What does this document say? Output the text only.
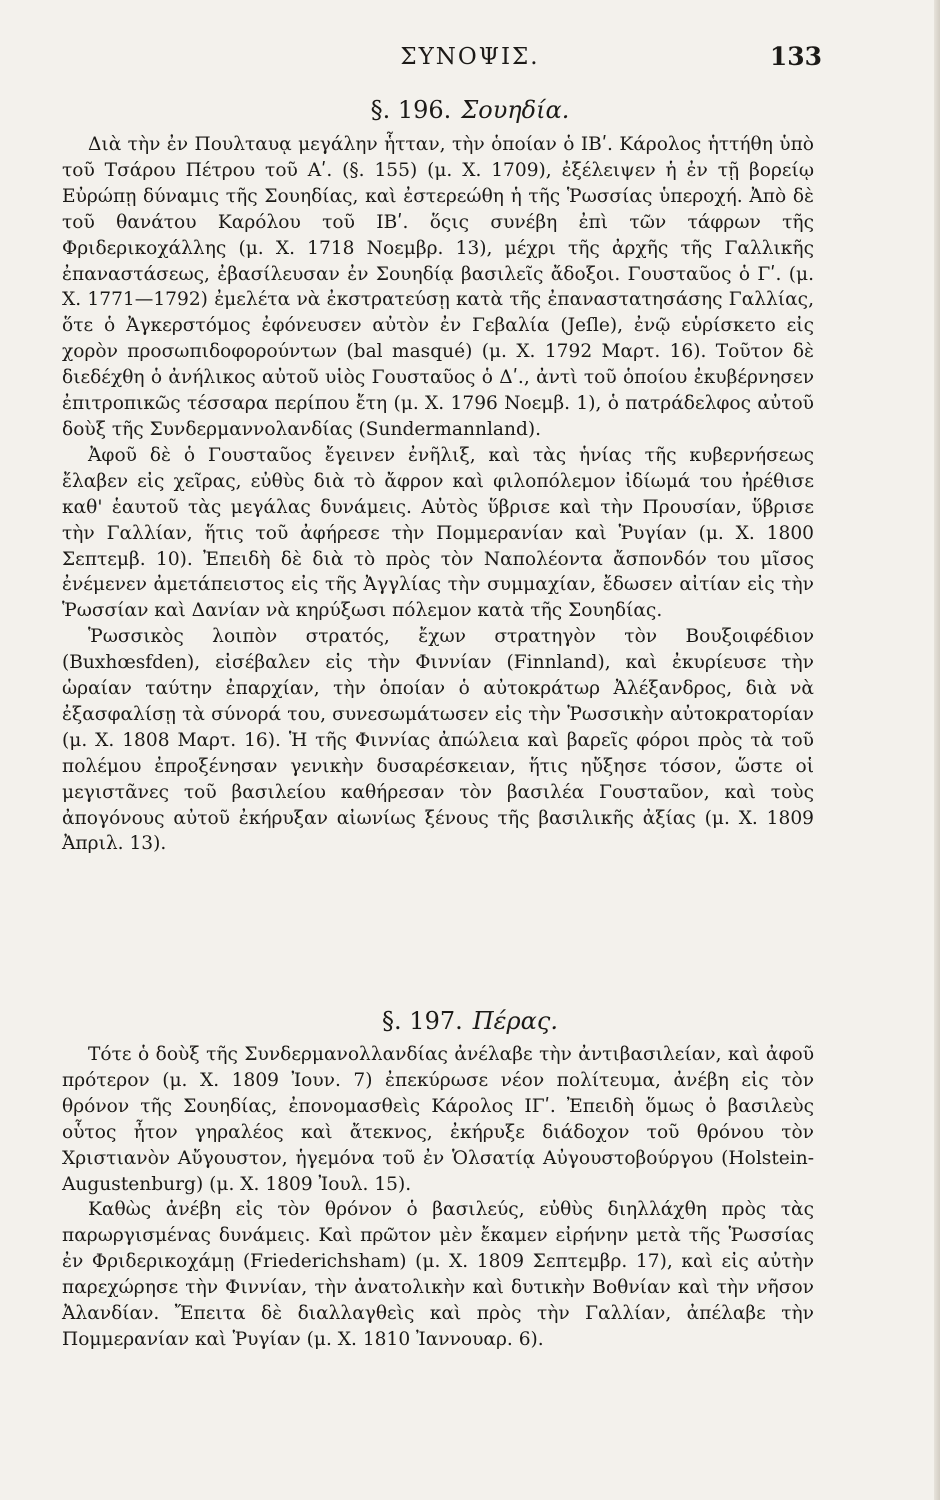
ΣΥΝΟΨΙΣ.	133
§. 196. Σουηδία.

Διὰ τὴν ἐν Πουλταυᾳ μεγάλην ἧτταν, τὴν ὁποίαν ὁ ΙΒʹ. Κάρολος ἡττήθη ὑπὸ τοῦ Τσάρου Πέτρου τοῦ Αʹ. (§. 155) (μ. Χ. 1709), ἐξέλειψεν ἡ ἐν τῇ βορείῳ Εὐρώπῃ δύναμις τῆς Σουηδίας, καὶ ἐστερεώθη ἡ τῆς Ῥωσσίας ὑπεροχή. Ἀπὸ δὲ τοῦ θανάτου Καρόλου τοῦ ΙΒʹ. ὅςις συνέβη ἐπὶ τῶν τάφρων τῆς Φριδερικοχάλλης (μ. Χ. 1718 Νοεμβρ. 13), μέχρι τῆς ἀρχῆς τῆς Γαλλικῆς ἐπαναστάσεως, ἐβασίλευσαν ἐν Σουηδίᾳ βασιλεῖς ἄδοξοι. Γουσταῦος ὁ Γʹ. (μ. Χ. 1771—1792) ἐμελέτα νὰ ἐκστρατεύσῃ κατὰ τῆς ἐπαναστατησάσης Γαλλίας, ὅτε ὁ Ἀγκερστόμος ἐφόνευσεν αὐτὸν ἐν Γεβαλία (Jeſle), ἐνῷ εὑρίσκετο εἰς χορὸν προσωπιδοφορούντων (bal masqué) (μ. Χ. 1792 Μαρτ. 16). Τοῦτον δὲ διεδέχθη ὁ ἀνήλικος αὐτοῦ υἱὸς Γουσταῦος ὁ Δʹ., ἀντὶ τοῦ ὁποίου ἐκυβέρνησεν ἐπιτροπικῶς τέσσαρα περίπου ἔτη (μ. Χ. 1796 Νοεμβ. 1), ὁ πατράδελφος αὐτοῦ δοὺξ τῆς Συνδερμαννολανδίας (Sundermannland).

Ἀφοῦ δὲ ὁ Γουσταῦος ἔγεινεν ἐνῆλιξ, καὶ τὰς ἡνίας τῆς κυβερνήσεως ἔλαβεν εἰς χεῖρας, εὐθὺς διὰ τὸ ἄφρον καὶ φιλοπόλεμον ἰδίωμά του ἠρέθισε καθ' ἑαυτοῦ τὰς μεγάλας δυνάμεις. Αὐτὸς ὕβρισε καὶ τὴν Προυσίαν, ὕβρισε τὴν Γαλλίαν, ἥτις τοῦ ἀφήρεσε τὴν Πομμερανίαν καὶ Ῥυγίαν (μ. Χ. 1800 Σεπτεμβ. 10). Ἐπειδὴ δὲ διὰ τὸ πρὸς τὸν Ναπολέοντα ἄσπονδόν του μῖσος ἐνέμενεν ἀμετάπειστος εἰς τῆς Ἀγγλίας τὴν συμμαχίαν, ἔδωσεν αἰτίαν εἰς τὴν Ῥωσσίαν καὶ Δανίαν νὰ κηρύξωσι πόλεμον κατὰ τῆς Σουηδίας.

Ῥωσσικὸς λοιπὸν στρατός, ἔχων στρατηγὸν τὸν Βουξοιφέδιον (Buxhœsfden), εἰσέβαλεν εἰς τὴν Φιννίαν (Finnland), καὶ ἐκυρίευσε τὴν ὡραίαν ταύτην ἐπαρχίαν, τὴν ὁποίαν ὁ αὐτοκράτωρ Ἀλέξανδρος, διὰ νὰ ἐξασφαλίσῃ τὰ σύνορά του, συνεσωμάτωσεν εἰς τὴν Ῥωσσικὴν αὐτοκρατορίαν (μ. Χ. 1808 Μαρτ. 16). Ἡ τῆς Φιννίας ἀπώλεια καὶ βαρεῖς φόροι πρὸς τὰ τοῦ πολέμου ἐπροξένησαν γενικὴν δυσαρέσκειαν, ἥτις ηὔξησε τόσον, ὥστε οἱ μεγιστᾶνες τοῦ βασιλείου καθήρεσαν τὸν βασιλέα Γουσταῦον, καὶ τοὺς ἀπογόνους αὐτοῦ ἐκήρυξαν αἰωνίως ξένους τῆς βασιλικῆς ἀξίας (μ. Χ. 1809 Ἀπριλ. 13).

§. 197. Πέρας.

Τότε ὁ δοὺξ τῆς Συνδερμανολλανδίας ἀνέλαβε τὴν ἀντιβασιλείαν, καὶ ἀφοῦ πρότερον (μ. Χ. 1809 Ἰουν. 7) ἐπεκύρωσε νέον πολίτευμα, ἀνέβη εἰς τὸν θρόνον τῆς Σουηδίας, ἐπονομασθεὶς Κάρολος ΙΓʹ. Ἐπειδὴ ὅμως ὁ βασιλεὺς οὗτος ἦτον γηραλέος καὶ ἄτεκνος, ἐκήρυξε διάδοχον τοῦ θρόνου τὸν Χριστιανὸν Αὔγουστον, ἡγεμόνα τοῦ ἐν Ὁλσατίᾳ Αὐγουστοβούργου (Holstein-Augustenburg) (μ. Χ. 1809 Ἰουλ. 15).

Καθὼς ἀνέβη εἰς τὸν θρόνον ὁ βασιλεύς, εὐθὺς διηλλάχθη πρὸς τὰς παρωργισμένας δυνάμεις. Καὶ πρῶτον μὲν ἔκαμεν εἰρήνην μετὰ τῆς Ῥωσσίας ἐν Φριδερικοχάμῃ (Friederichsham) (μ. Χ. 1809 Σεπτεμβρ. 17), καὶ εἰς αὐτὴν παρεχώρησε τὴν Φιννίαν, τὴν ἀνατολικὴν καὶ δυτικὴν Βοθνίαν καὶ τὴν νῆσον Ἀλανδίαν. Ἔπειτα δὲ διαλλαγθεὶς καὶ πρὸς τὴν Γαλλίαν, ἀπέλαβε τὴν Πομμερανίαν καὶ Ῥυγίαν (μ. Χ. 1810 Ἰαννουαρ. 6).
